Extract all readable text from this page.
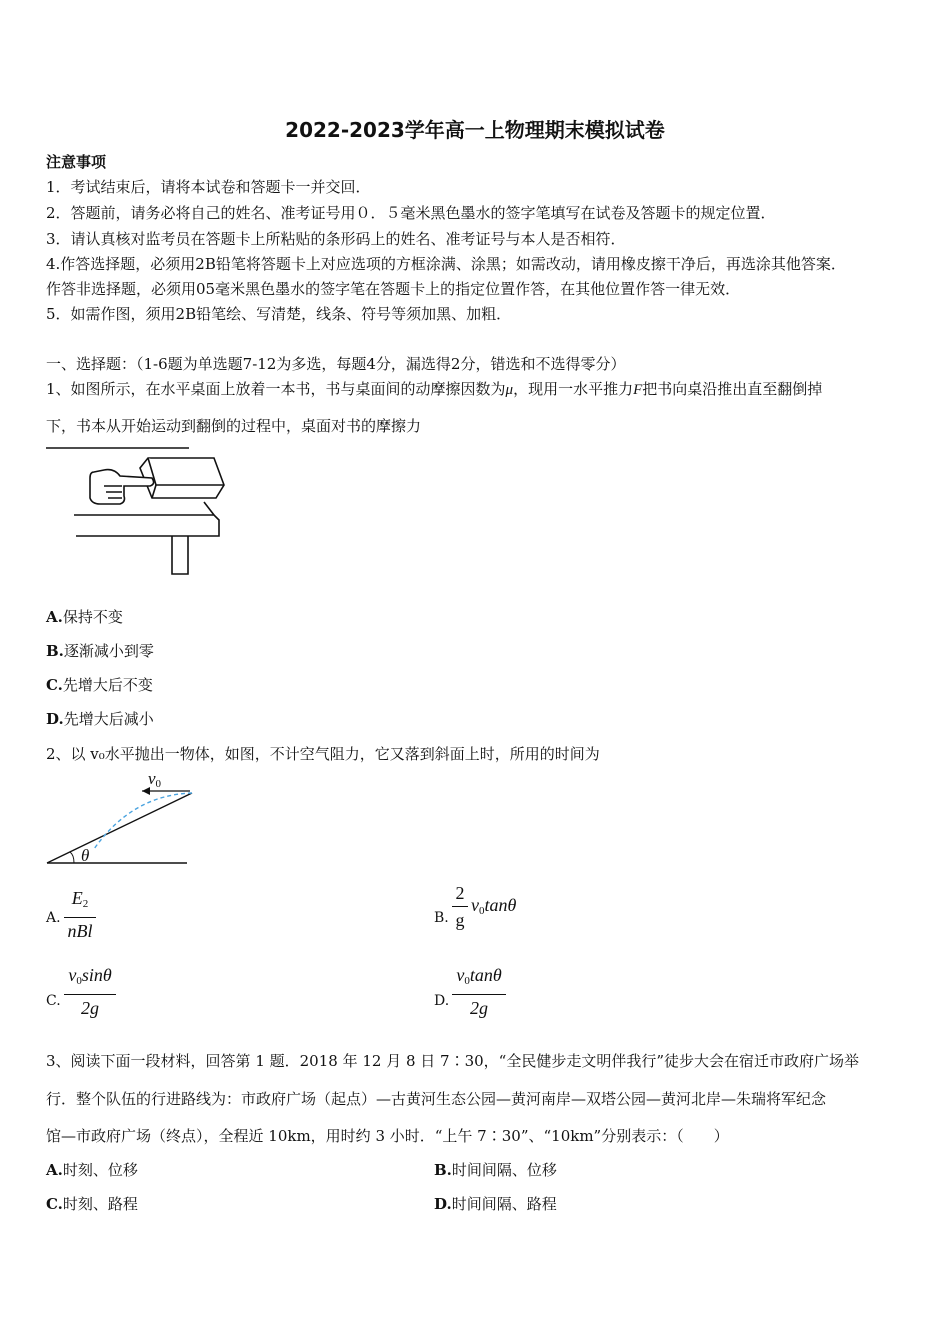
2022-2023学年高一上物理期末模拟试卷
注意事项
1．考试结束后，请将本试卷和答题卡一并交回．
2．答题前，请务必将自己的姓名、准考证号用０．５毫米黑色墨水的签字笔填写在试卷及答题卡的规定位置．
3．请认真核对监考员在答题卡上所粘贴的条形码上的姓名、准考证号与本人是否相符．
4.作答选择题，必须用2B铅笔将答题卡上对应选项的方框涂满、涂黑；如需改动，请用橡皮擦干净后，再选涂其他答案．
作答非选择题，必须用05毫米黑色墨水的签字笔在答题卡上的指定位置作答，在其他位置作答一律无效．
5．如需作图，须用2B铅笔绘、写清楚，线条、符号等须加黑、加粗．
一、选择题：（1-6题为单选题7-12为多选，每题4分，漏选得2分，错选和不选得零分）
1、如图所示，在水平桌面上放着一本书，书与桌面间的动摩擦因数为μ，现用一水平推力F把书向桌沿推出直至翻倒掉
下，书本从开始运动到翻倒的过程中，桌面对书的摩擦力
A.保持不变
B.逐渐减小到零
C.先增大后不变
D.先增大后减小
2、以 v₀水平抛出一物体，如图，不计空气阻力，它又落到斜面上时，所用的时间为
$v_0$
θ
A.
$E_2$
nBl
B.
2
g
$v_0\tan\theta$
C.
$v_0\sin\theta$
2g	D.
$v_0\tan\theta$
2g
3、阅读下面一段材料，回答第 1 题．2018 年 12 月 8 日 7∶30，“全民健步走文明伴我行”徒步大会在宿迁市政府广场举
行．整个队伍的行进路线为：市政府广场（起点）—古黄河生态公园—黄河南岸—双塔公园—黄河北岸—朱瑞将军纪念
馆—市政府广场（终点），全程近 10km，用时约 3 小时．“上午 7∶30”、“10km”分别表示：（　　）
A.时刻、位移	B.时间间隔、位移
C.时刻、路程	D.时间间隔、路程
